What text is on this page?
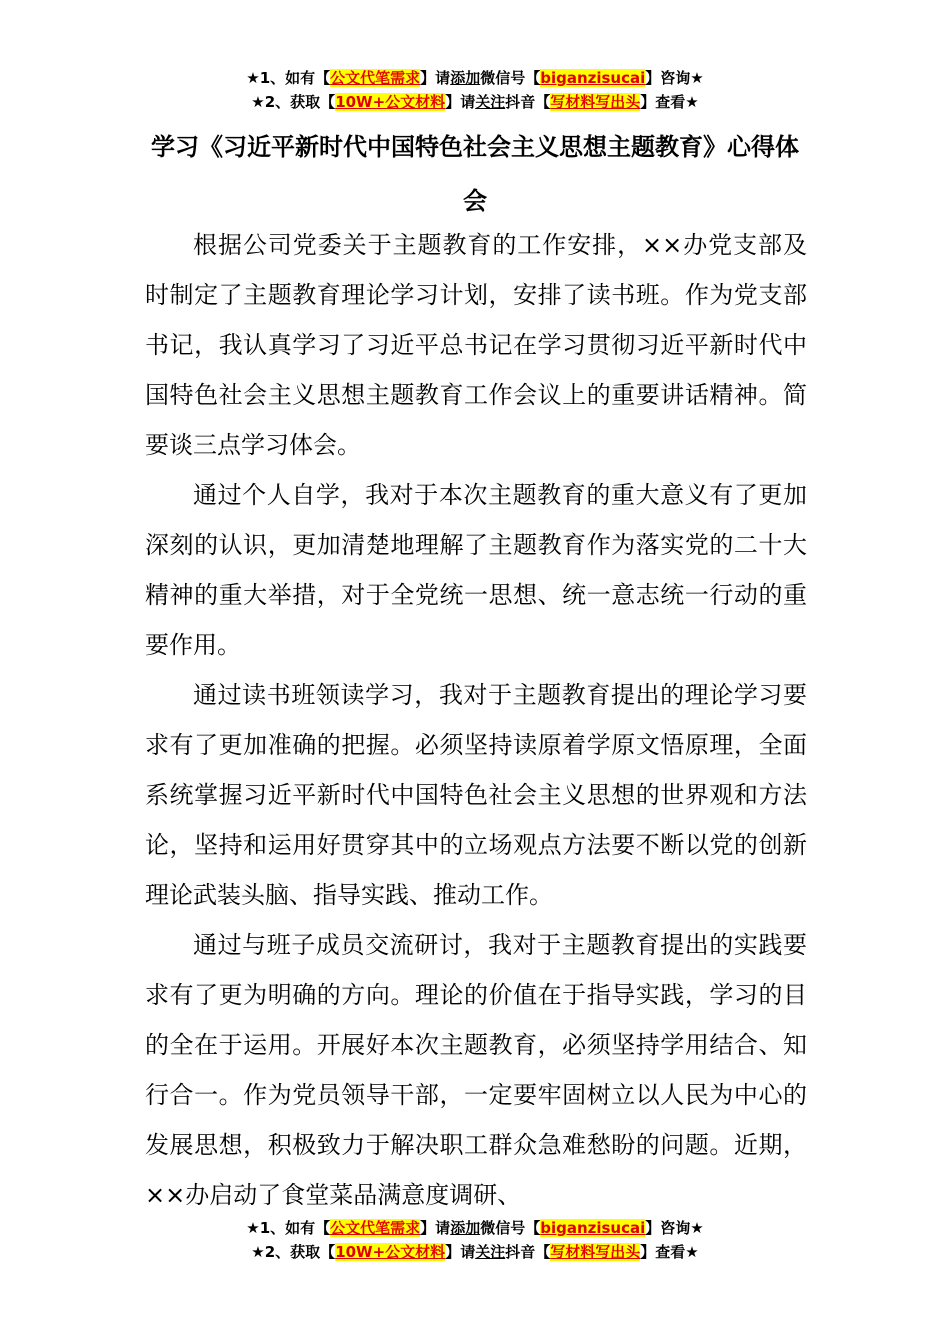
★1、如有【公文代笔需求】请添加微信号【biganzisucai】咨询★
★2、获取【10W+公文材料】请关注抖音【写材料写出头】查看★
学习《习近平新时代中国特色社会主义思想主题教育》心得体会

根据公司党委关于主题教育的工作安排，××办党支部及时制定了主题教育理论学习计划，安排了读书班。作为党支部书记，我认真学习了习近平总书记在学习贯彻习近平新时代中国特色社会主义思想主题教育工作会议上的重要讲话精神。简要谈三点学习体会。

通过个人自学，我对于本次主题教育的重大意义有了更加深刻的认识，更加清楚地理解了主题教育作为落实党的二十大精神的重大举措，对于全党统一思想、统一意志统一行动的重要作用。

通过读书班领读学习，我对于主题教育提出的理论学习要求有了更加准确的把握。必须坚持读原着学原文悟原理，全面系统掌握习近平新时代中国特色社会主义思想的世界观和方法论，坚持和运用好贯穿其中的立场观点方法要不断以党的创新理论武装头脑、指导实践、推动工作。

通过与班子成员交流研讨，我对于主题教育提出的实践要求有了更为明确的方向。理论的价值在于指导实践，学习的目的全在于运用。开展好本次主题教育，必须坚持学用结合、知行合一。作为党员领导干部，一定要牢固树立以人民为中心的发展思想，积极致力于解决职工群众急难愁盼的问题。近期，××办启动了食堂菜品满意度调研、

★1、如有【公文代笔需求】请添加微信号【biganzisucai】咨询★
★2、获取【10W+公文材料】请关注抖音【写材料写出头】查看★
